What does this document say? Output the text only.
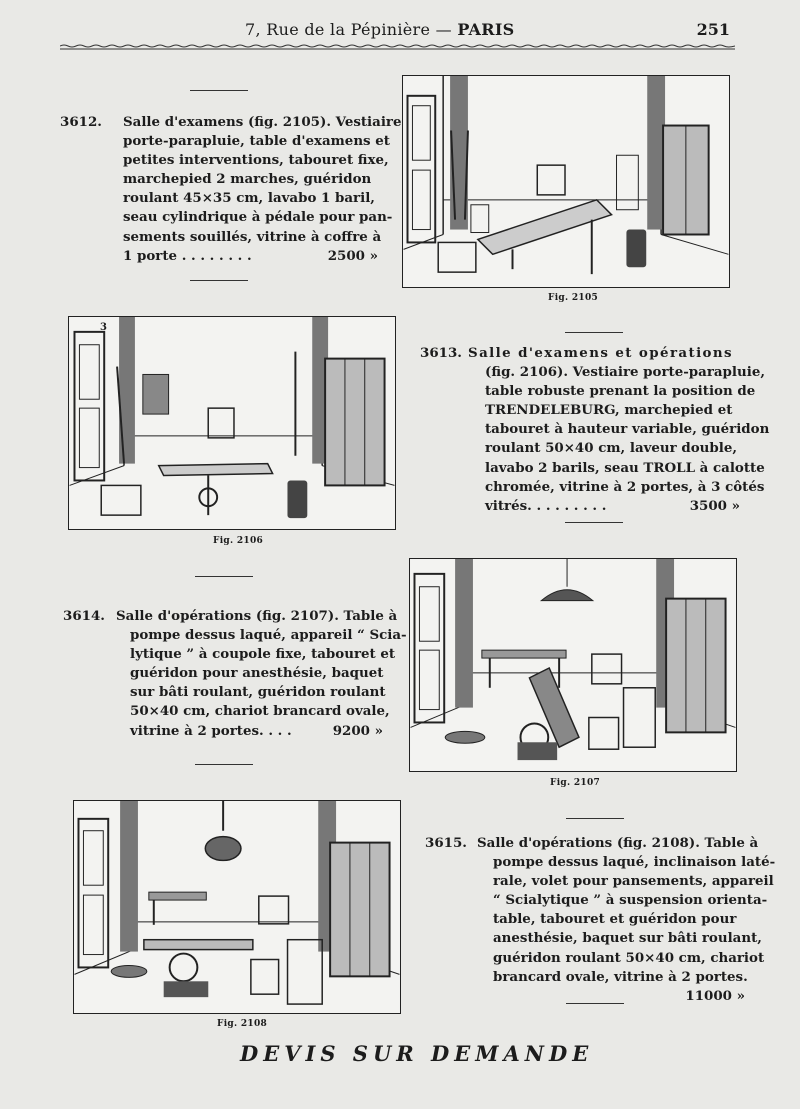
7, Rue de la Pépinière — PARIS	251
3612. Salle d'examens (fig. 2105). Vestiaire
porte-parapluie, table d'examens et
petites interventions, tabouret fixe,
marchepied 2 marches, guéridon
roulant 45×35 cm, lavabo 1 baril,
seau cylindrique à pédale pour pan-
sements souillés, vitrine à coffre à
1 porte . . . . . . . .	2500 »
Fig. 2105
3
Fig. 2106
3613. Salle d'examens et opérations
(fig. 2106). Vestiaire porte-parapluie,
table robuste prenant la position de
TRENDELEBURG, marchepied et
tabouret à hauteur variable, guéridon
roulant 50×40 cm, laveur double,
lavabo 2 barils, seau TROLL à calotte
chromée, vitrine à 2 portes, à 3 côtés
vitrés. . . . . . . . .	3500 »
3614. Salle d'opérations (fig. 2107). Table à
pompe dessus laqué, appareil “ Scia-
lytique ” à coupole fixe, tabouret et
guéridon pour anesthésie, baquet
sur bâti roulant, guéridon roulant
50×40 cm, chariot brancard ovale,
vitrine à 2 portes. . . .	9200 »
Fig. 2107
Fig. 2108
3615. Salle d'opérations (fig. 2108). Table à
pompe dessus laqué, inclinaison laté-
rale, volet pour pansements, appareil
“ Scialytique ” à suspension orienta-
table, tabouret et guéridon pour
anesthésie, baquet sur bâti roulant,
guéridon roulant 50×40 cm, chariot
brancard ovale, vitrine à 2 portes.

11000 »
DEVIS SUR DEMANDE
